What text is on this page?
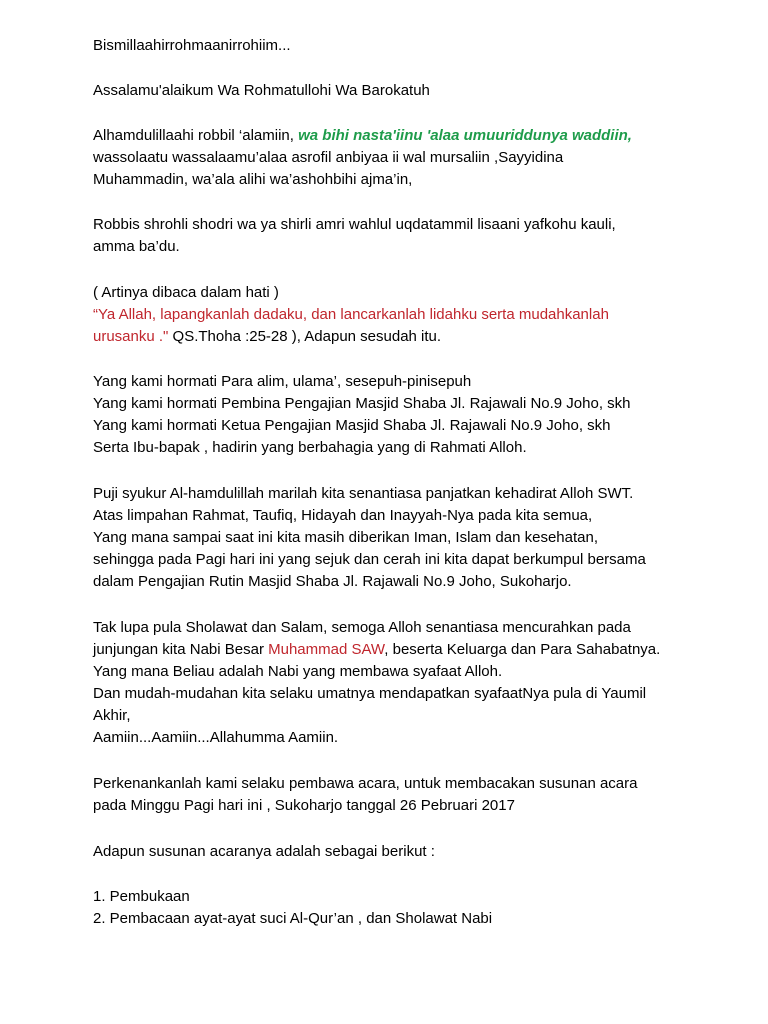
Bismillaahirrohmaanirrohiim...
Assalamu'alaikum Wa Rohmatullohi Wa Barokatuh
Alhamdulillaahi robbil ‘alamiin, wa bihi nasta'iinu 'alaa umuuriddunya waddiin,
wassolaatu wassalaamu’alaa asrofil anbiyaa ii wal mursaliin ,Sayyidina
Muhammadin, wa’ala alihi wa’ashohbihi ajma’in,
Robbis shrohli shodri wa ya shirli amri wahlul uqdatammil lisaani yafkohu kauli,
amma ba’du.
( Artinya dibaca dalam hati )
“Ya Allah, lapangkanlah dadaku, dan lancarkanlah lidahku serta mudahkanlah
urusanku ." QS.Thoha :25-28 ), Adapun sesudah itu.
Yang kami hormati Para alim, ulama’, sesepuh-pinisepuh
Yang kami hormati Pembina Pengajian Masjid Shaba Jl. Rajawali No.9 Joho, skh
Yang kami hormati Ketua Pengajian Masjid Shaba Jl. Rajawali No.9 Joho, skh
Serta Ibu-bapak , hadirin yang berbahagia yang di Rahmati Alloh.
Puji syukur Al-hamdulillah marilah kita senantiasa panjatkan kehadirat Alloh SWT.
Atas limpahan Rahmat, Taufiq, Hidayah dan Inayyah-Nya pada kita semua,
Yang mana sampai saat ini kita masih diberikan Iman, Islam dan kesehatan,
sehingga pada Pagi hari ini yang sejuk dan cerah ini kita dapat berkumpul bersama
dalam Pengajian Rutin Masjid Shaba Jl. Rajawali No.9 Joho, Sukoharjo.
Tak lupa pula Sholawat dan Salam, semoga Alloh senantiasa mencurahkan pada
junjungan kita Nabi Besar Muhammad SAW, beserta Keluarga dan Para Sahabatnya.
Yang mana Beliau adalah Nabi yang membawa syafaat Alloh.
Dan mudah-mudahan kita selaku umatnya mendapatkan syafaatNya pula di Yaumil
Akhir,
Aamiin...Aamiin...Allahumma Aamiin.
Perkenankanlah kami selaku pembawa acara, untuk membacakan susunan acara
pada Minggu Pagi hari ini , Sukoharjo tanggal 26 Pebruari 2017
Adapun susunan acaranya adalah sebagai berikut :
1. Pembukaan
2. Pembacaan ayat-ayat suci Al-Qur’an , dan Sholawat Nabi
